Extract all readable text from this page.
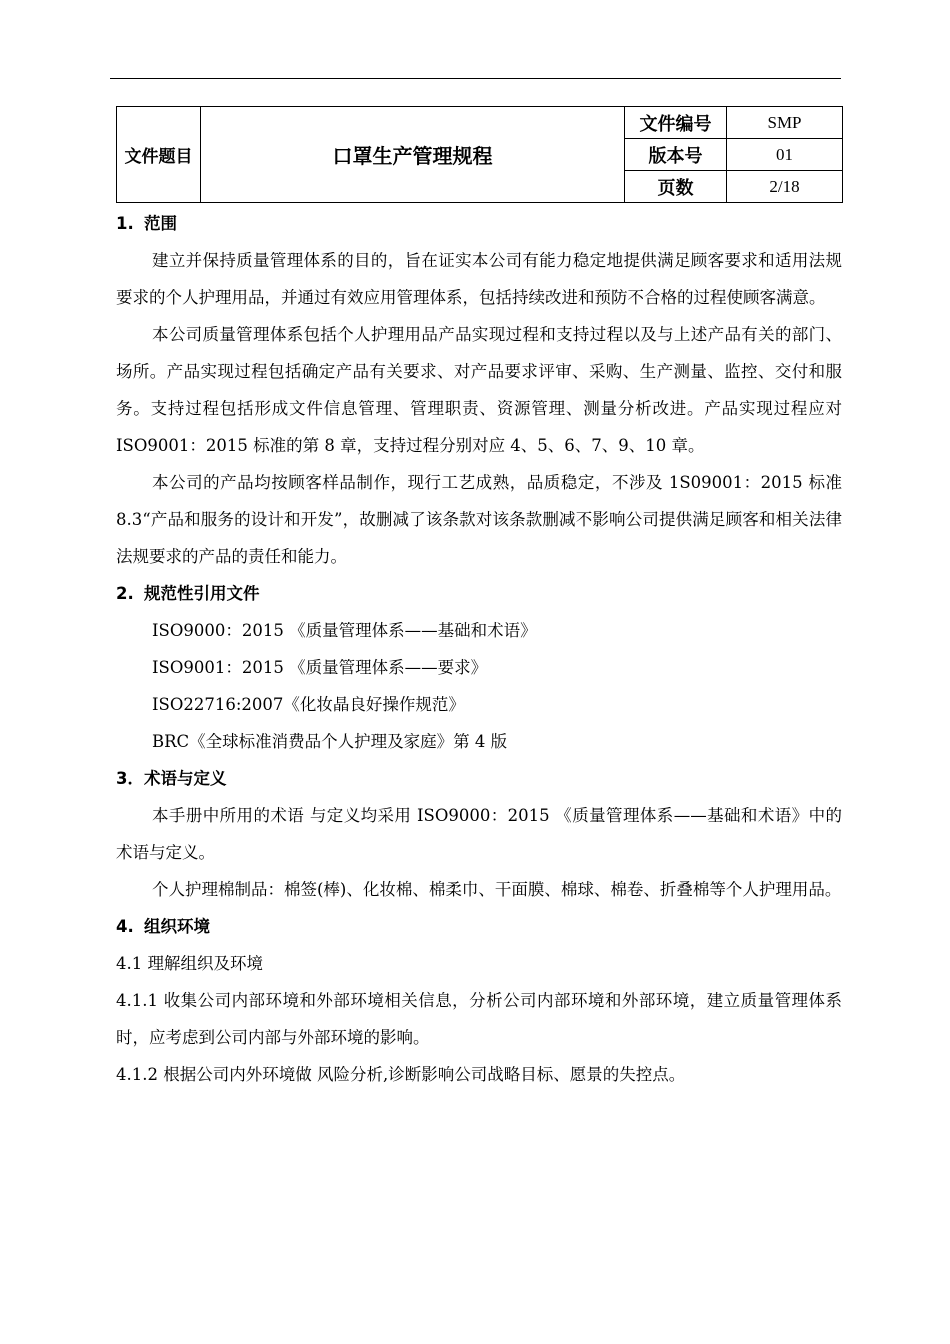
文件题目	口罩生产管理规程	文件编号	SMP
		版本号	01
		页数	2/18
1. 范围

建立并保持质量管理体系的目的，旨在证实本公司有能力稳定地提供满足顾客要求和适用法规要求的个人护理用品，并通过有效应用管理体系，包括持续改进和预防不合格的过程使顾客满意。

本公司质量管理体系包括个人护理用品产品实现过程和支持过程以及与上述产品有关的部门、场所。产品实现过程包括确定产品有关要求、对产品要求评审、采购、生产测量、监控、交付和服务。支持过程包括形成文件信息管理、管理职责、资源管理、测量分析改进。产品实现过程应对 ISO9001：2015 标准的第 8 章，支持过程分别对应 4、5、6、7、9、10 章。

本公司的产品均按顾客样品制作，现行工艺成熟，品质稳定，不涉及 1S09001：2015 标准 8.3“产品和服务的设计和开发”，故删减了该条款对该条款删减不影响公司提供满足顾客和相关法律法规要求的产品的责任和能力。

2. 规范性引用文件

ISO9000：2015 《质量管理体系——基础和术语》

ISO9001：2015 《质量管理体系——要求》

ISO22716:2007《化妆晶良好操作规范》

BRC《全球标准消费品个人护理及家庭》第 4 版

3．术语与定义

本手册中所用的术语 与定义均采用 ISO9000：2015 《质量管理体系——基础和术语》中的术语与定义。

个人护理棉制品：棉签(棒)、化妆棉、棉柔巾、干面膜、棉球、棉卷、折叠棉等个人护理用品。

4. 组织环境

4.1 理解组织及环境

4.1.1 收集公司内部环境和外部环境相关信息，分析公司内部环境和外部环境，建立质量管理体系时，应考虑到公司内部与外部环境的影响。

4.1.2 根据公司内外环境做 风险分析,诊断影响公司战略目标、愿景的失控点。
